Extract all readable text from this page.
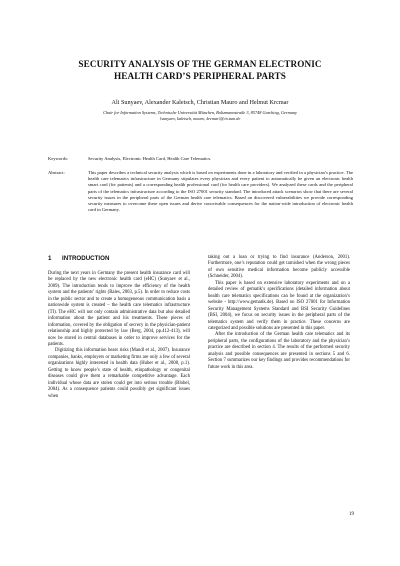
SECURITY ANALYSIS OF THE GERMAN ELECTRONIC
HEALTH CARD’S PERIPHERAL PARTS
Ali Sunyaev, Alexander Kaletsch, Christian Mauro and Helmut Krcmar
Chair for Information Systems, Technische Universität München, Boltzmannstraße 3, 85748 Garching, Germany
{sunyaev, kaletsch, mauro, krcmar}@in.tum.de
Keywords:	Security Analysis, Electronic Health Card, Health Care Telematics.
Abstract:	This paper describes a technical security analysis which is based on experiments done in a laboratory and verified in a physician’s practice. The health care telematics infrastructure in Germany stipulates every physician and every patient to automatically be given an electronic health smart card (for patients) and a corresponding health professional card (for health care providers). We analyzed these cards and the peripheral parts of the telematics infrastructure according to the ISO 27001 security standard. The introduced attack scenarios show that there are several security issues in the peripheral parts of the German health care telematics. Based on discovered vulnerabilities we provide corresponding security measures to overcome these open issues and derive conceivable consequences for the nation-wide introduction of electronic health card in Germany.
1 INTRODUCTION

During the next years in Germany the present health insurance card will be replaced by the new electronic health card (eHC) (Sunyaev et al., 2009). The introduction tends to improve the efficiency of the health system and the patients’ rights (Bales, 2003, p.5). In order to reduce costs in the public sector and to create a homogeneous communication basis a nationwide system is created – the health care telematics infrastructure (TI). The eHC will not only contain administrative data but also detailed information about the patient and his treatments. These pieces of information, covered by the obligation of secrecy in the physician-patient relationship and highly protected by law (Berg, 2004, pp.412-413), will now be stored in central databases in order to improve services for the patients.

Digitizing this information bears risks (Mandl et al., 2007). Insurance companies, banks, employers or marketing firms are only a few of several organizations highly interested in health data (Huber et al., 2008, p.1). Getting to know people’s state of health, etiopathology or congenital diseases could give them a remarkable competitive advantage. Each individual whose data are stolen could get into serious trouble (Blobel, 2004). As a consequence patients could possibly get significant issues when

taking out a loan or trying to find insurance (Anderson, 2001). Furthermore, one’s reputation could get tarnished when the wrong pieces of own sensitive medical information become publicly accessible (Schneider, 2004).

This paper is based on extensive laboratory experiments and on a detailed review of gematik’s specifications (detailed information about health care telematics specifications can be found at the organization’s website - http://www.gematik.de). Based on ISO 27001 for Information Security Management Systems Standard and BSI Security Guidelines (BSI, 2004), we focus on security issues in the peripheral parts of the telematics system and verify them in practice. These concerns are categorized and possible solutions are presented in this paper.

After the introduction of the German health care telematics and its peripheral parts, the configurations of the laboratory and the physician’s practice are described in section 4. The results of the performed security analysis and possible consequences are presented in sections 5 and 6. Section 7 summarizes our key findings and provides recommendations for future work in this area.

19
